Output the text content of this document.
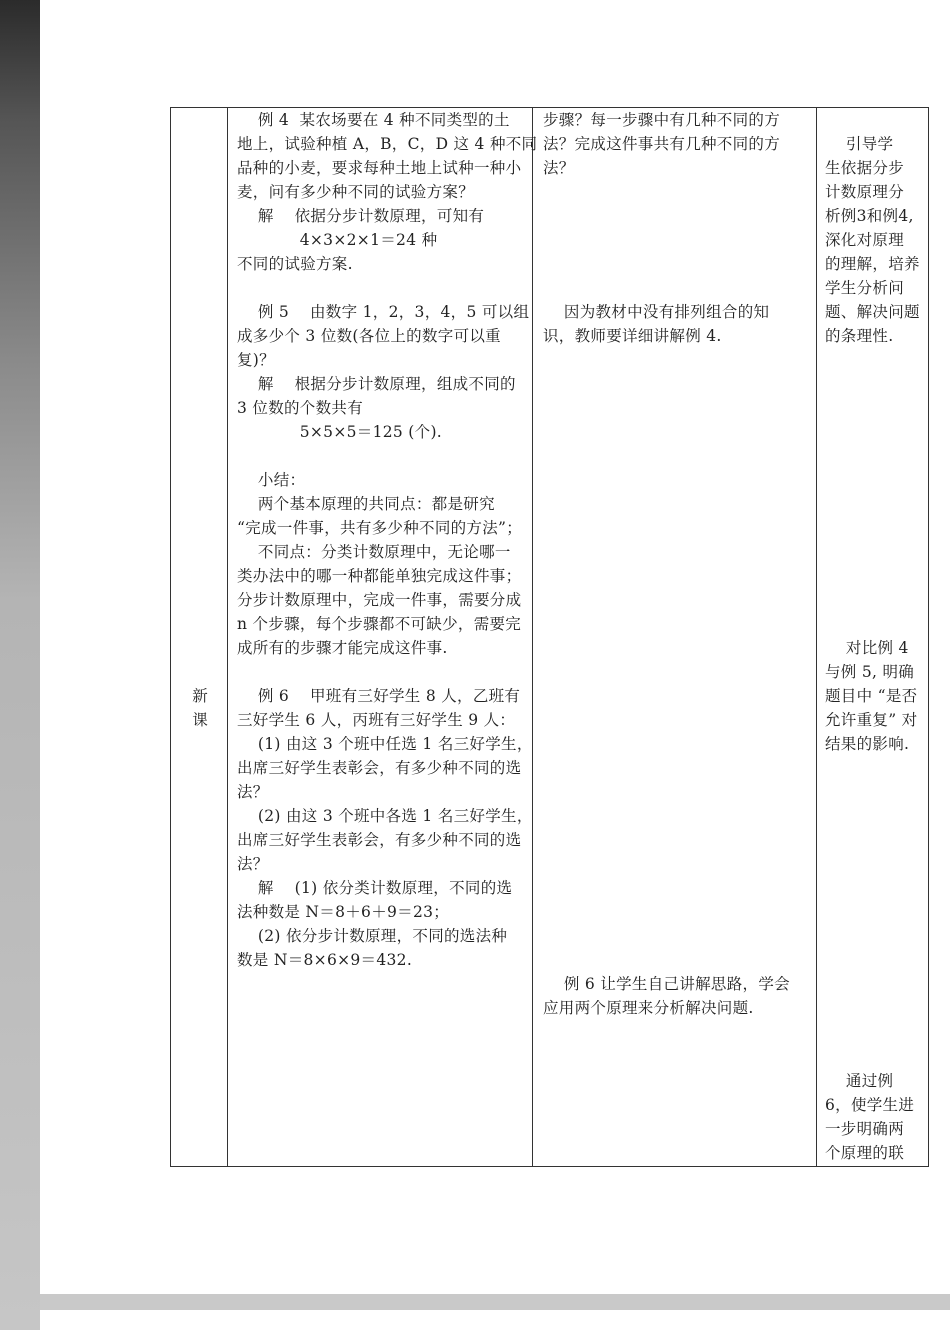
新课
例 4  某农场要在 4 种不同类型的土
地上，试验种植 A，B，C，D 这 4 种不同
品种的小麦，要求每种土地上试种一种小
麦，问有多少种不同的试验方案？
解    依据分步计数原理，可知有
4×3×2×1＝24 种
不同的试验方案.

例 5    由数字 1，2，3，4，5 可以组
成多少个 3 位数(各位上的数字可以重
复)？
解    根据分步计数原理，组成不同的
3 位数的个数共有
5×5×5＝125 (个).

小结：
两个基本原理的共同点：都是研究
“完成一件事，共有多少种不同的方法”；
不同点：分类计数原理中，无论哪一
类办法中的哪一种都能单独完成这件事；
分步计数原理中，完成一件事，需要分成
n 个步骤，每个步骤都不可缺少，需要完
成所有的步骤才能完成这件事.

例 6    甲班有三好学生 8 人，乙班有
三好学生 6 人，丙班有三好学生 9 人：
(1) 由这 3 个班中任选 1 名三好学生，
出席三好学生表彰会，有多少种不同的选
法？
(2) 由这 3 个班中各选 1 名三好学生，
出席三好学生表彰会，有多少种不同的选
法？
解    (1) 依分类计数原理，不同的选
法种数是 N＝8＋6＋9＝23；
(2) 依分步计数原理，不同的选法种
数是 N＝8×6×9＝432.
步骤？每一步骤中有几种不同的方
法？完成这件事共有几种不同的方
法？
因为教材中没有排列组合的知
识，教师要详细讲解例 4.
例 6 让学生自己讲解思路，学会
应用两个原理来分析解决问题.
引导学
生依据分步
计数原理分
析例3和例4,
深化对原理
的理解，培养
学生分析问
题、解决问题
的条理性.
对比例 4
与例 5, 明确
题目中 “是否
允许重复” 对
结果的影响.
通过例
6，使学生进
一步明确两
个原理的联
